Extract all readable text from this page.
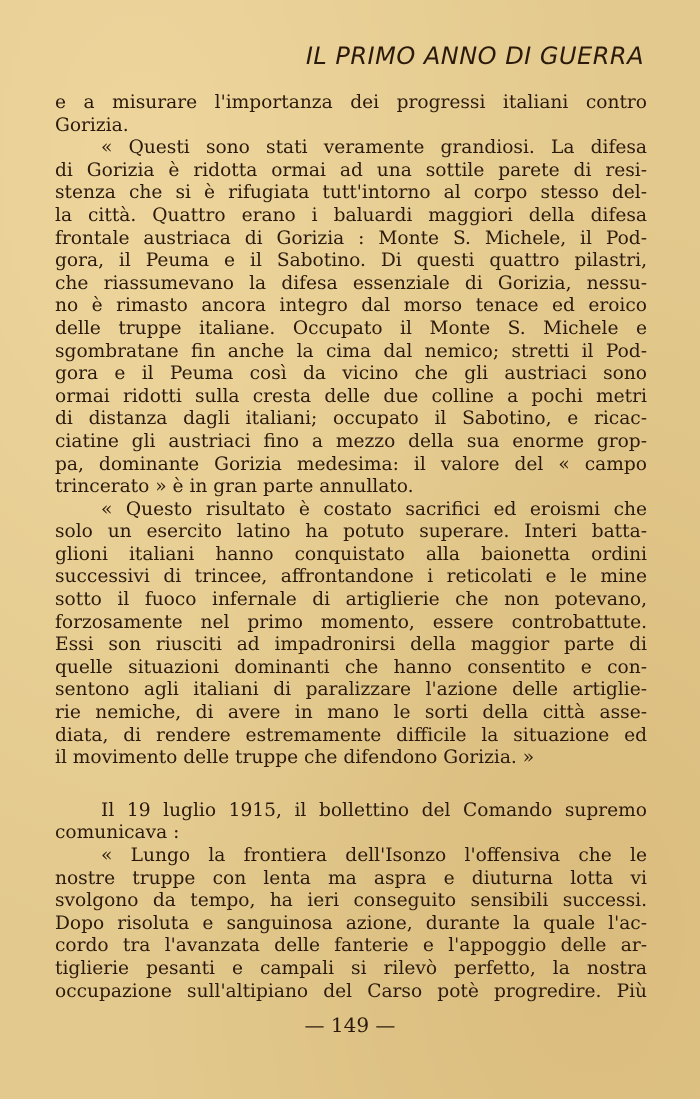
IL PRIMO ANNO DI GUERRA
e a misurare l'importanza dei progressi italiani contro
Gorizia.
« Questi sono stati veramente grandiosi. La difesa
di Gorizia è ridotta ormai ad una sottile parete di resi-
stenza che si è rifugiata tutt'intorno al corpo stesso del-
la città. Quattro erano i baluardi maggiori della difesa
frontale austriaca di Gorizia : Monte S. Michele, il Pod-
gora, il Peuma e il Sabotino. Di questi quattro pilastri,
che riassumevano la difesa essenziale di Gorizia, nessu-
no è rimasto ancora integro dal morso tenace ed eroico
delle truppe italiane. Occupato il Monte S. Michele e
sgombratane fin anche la cima dal nemico; stretti il Pod-
gora e il Peuma così da vicino che gli austriaci sono
ormai ridotti sulla cresta delle due colline a pochi metri
di distanza dagli italiani; occupato il Sabotino, e ricac-
ciatine gli austriaci fino a mezzo della sua enorme grop-
pa, dominante Gorizia medesima: il valore del « campo
trincerato » è in gran parte annullato.
« Questo risultato è costato sacrifici ed eroismi che
solo un esercito latino ha potuto superare. Interi batta-
glioni italiani hanno conquistato alla baionetta ordini
successivi di trincee, affrontandone i reticolati e le mine
sotto il fuoco infernale di artiglierie che non potevano,
forzosamente nel primo momento, essere controbattute.
Essi son riusciti ad impadronirsi della maggior parte di
quelle situazioni dominanti che hanno consentito e con-
sentono agli italiani di paralizzare l'azione delle artiglie-
rie nemiche, di avere in mano le sorti della città asse-
diata, di rendere estremamente difficile la situazione ed
il movimento delle truppe che difendono Gorizia. »
Il 19 luglio 1915, il bollettino del Comando supremo
comunicava :
« Lungo la frontiera dell'Isonzo l'offensiva che le
nostre truppe con lenta ma aspra e diuturna lotta vi
svolgono da tempo, ha ieri conseguito sensibili successi.
Dopo risoluta e sanguinosa azione, durante la quale l'ac-
cordo tra l'avanzata delle fanterie e l'appoggio delle ar-
tiglierie pesanti e campali si rilevò perfetto, la nostra
occupazione sull'altipiano del Carso potè progredire. Più
— 149 —
